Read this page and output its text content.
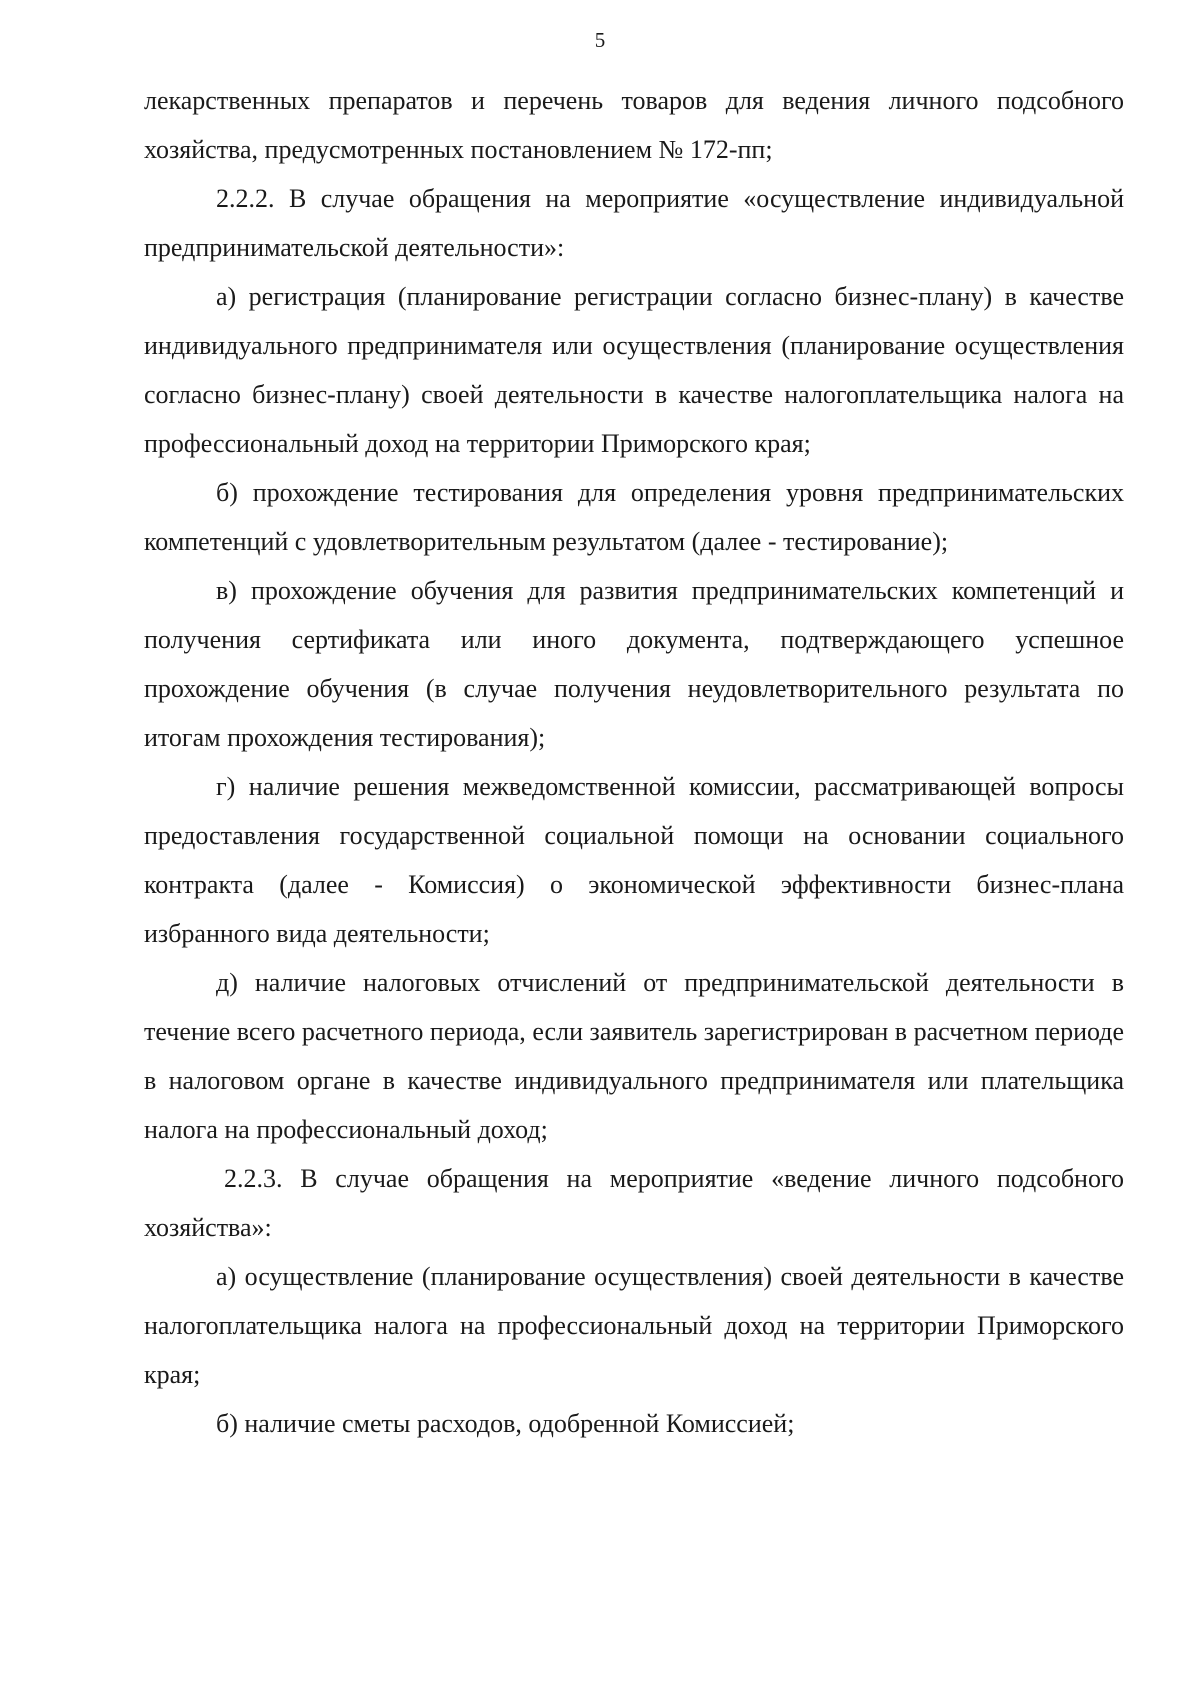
5

лекарственных препаратов и перечень товаров для ведения личного подсобного хозяйства, предусмотренных постановлением № 172-пп;

2.2.2. В случае обращения на мероприятие «осуществление индивидуальной предпринимательской деятельности»:

а) регистрация (планирование регистрации согласно бизнес-плану) в качестве индивидуального предпринимателя или осуществления (планирование осуществления согласно бизнес-плану) своей деятельности в качестве налогоплательщика налога на профессиональный доход на территории Приморского края;

б) прохождение тестирования для определения уровня предпринимательских компетенций с удовлетворительным результатом (далее - тестирование);

в) прохождение обучения для развития предпринимательских компетенций и получения сертификата или иного документа, подтверждающего успешное прохождение обучения (в случае получения неудовлетворительного результата по итогам прохождения тестирования);

г) наличие решения межведомственной комиссии, рассматривающей вопросы предоставления государственной социальной помощи на основании социального контракта (далее - Комиссия) о экономической эффективности бизнес-плана избранного вида деятельности;

д) наличие налоговых отчислений от предпринимательской деятельности в течение всего расчетного периода, если заявитель зарегистрирован в расчетном периоде в налоговом органе в качестве индивидуального предпринимателя или плательщика налога на профессиональный доход;

2.2.3. В случае обращения на мероприятие «ведение личного подсобного хозяйства»:

а) осуществление (планирование осуществления) своей деятельности в качестве налогоплательщика налога на профессиональный доход на территории Приморского края;

б) наличие сметы расходов, одобренной Комиссией;
